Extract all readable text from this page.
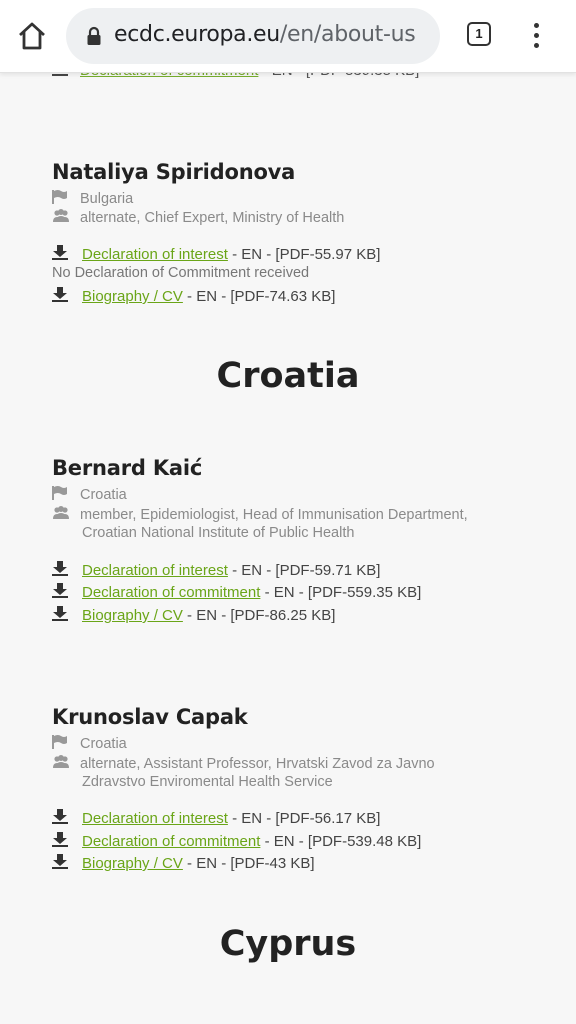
ecdc.europa.eu/en/about-us	1
Nataliya Spiridonova
Bulgaria
alternate, Chief Expert, Ministry of Health
Declaration of interest - EN - [PDF-55.97 KB]
No Declaration of Commitment received
Biography / CV - EN - [PDF-74.63 KB]
Croatia
Bernard Kaić
Croatia
member, Epidemiologist, Head of Immunisation Department,
Croatian National Institute of Public Health
Declaration of interest - EN - [PDF-59.71 KB]
Declaration of commitment - EN - [PDF-559.35 KB]
Biography / CV - EN - [PDF-86.25 KB]
Krunoslav Capak
Croatia
alternate, Assistant Professor, Hrvatski Zavod za Javno
Zdravstvo Enviromental Health Service
Declaration of interest - EN - [PDF-56.17 KB]
Declaration of commitment - EN - [PDF-539.48 KB]
Biography / CV - EN - [PDF-43 KB]
Cyprus
